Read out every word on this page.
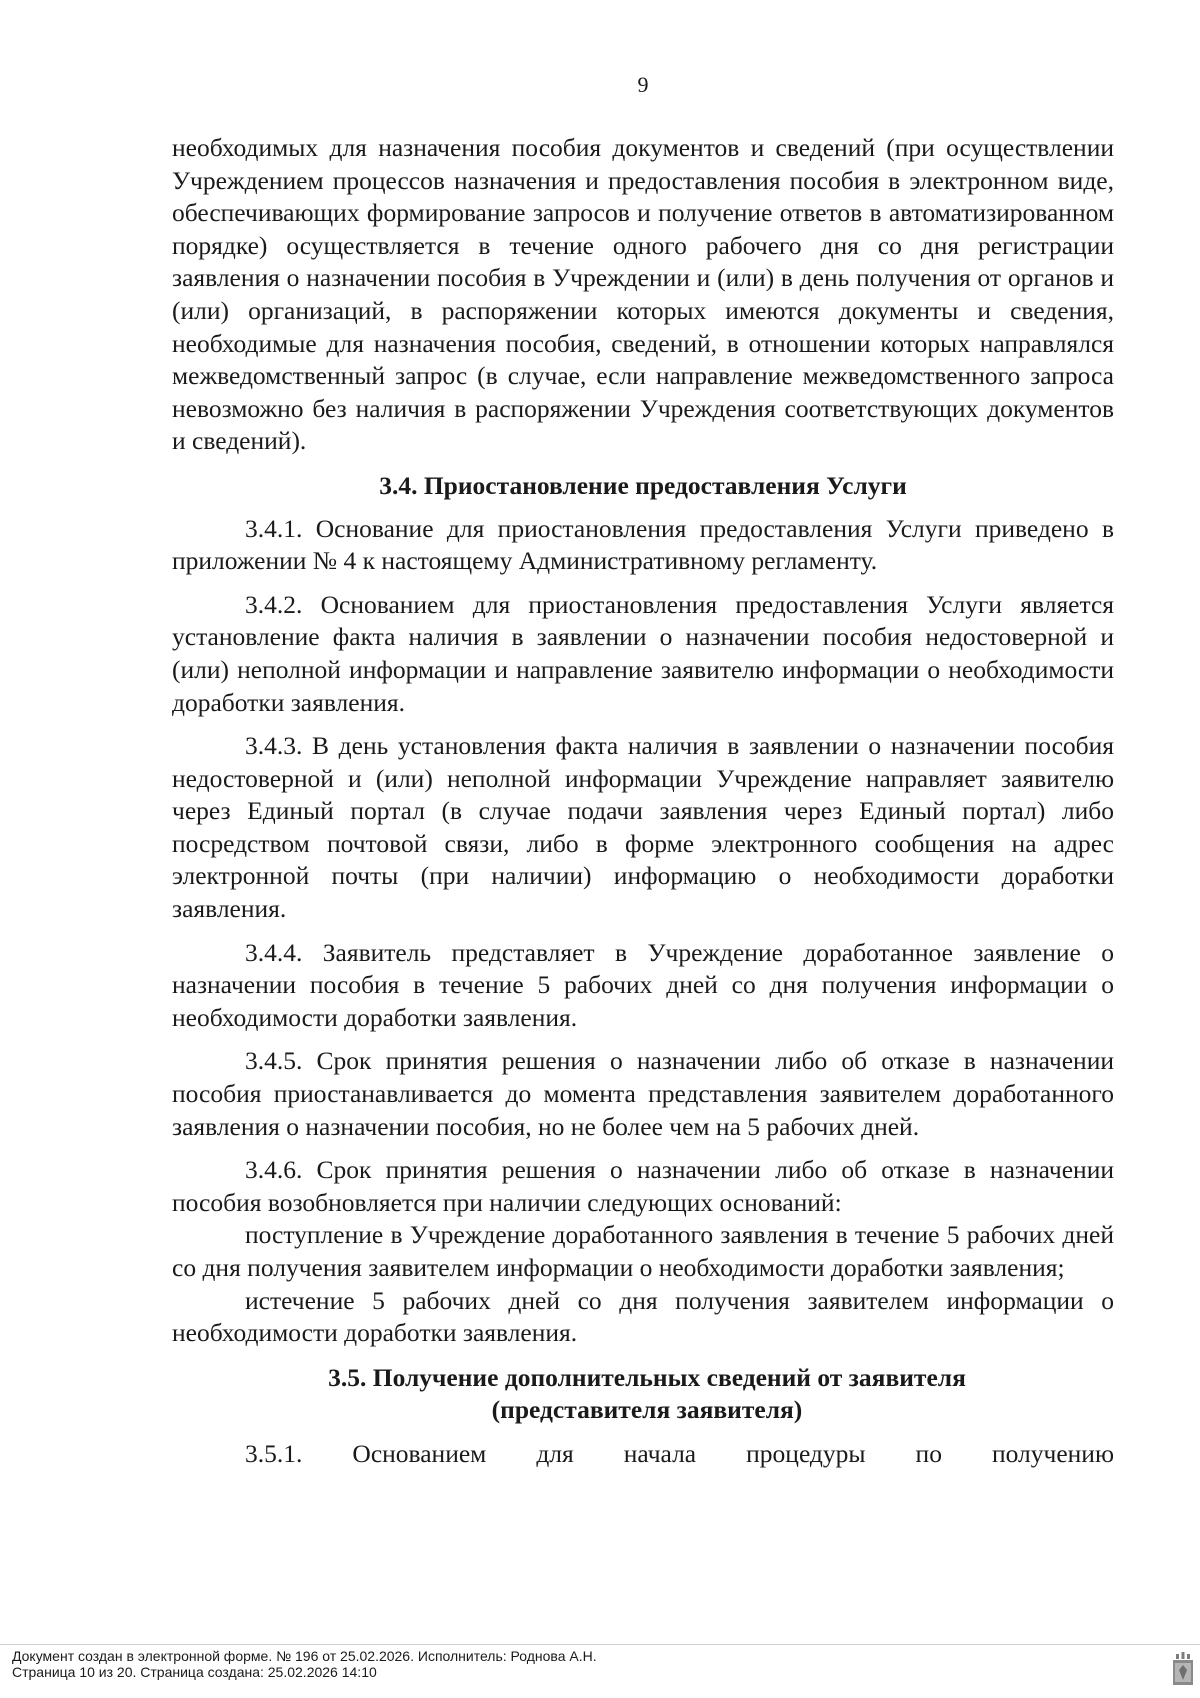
9

необходимых для назначения пособия документов и сведений (при осуществлении Учреждением процессов назначения и предоставления пособия в электронном виде, обеспечивающих формирование запросов и получение ответов в автоматизированном порядке) осуществляется в течение одного рабочего дня со дня регистрации заявления о назначении пособия в Учреждении и (или) в день получения от органов и (или) организаций, в распоряжении которых имеются документы и сведения, необходимые для назначения пособия, сведений, в отношении которых направлялся межведомственный запрос (в случае, если направление межведомственного запроса невозможно без наличия в распоряжении Учреждения соответствующих документов и сведений).

3.4. Приостановление предоставления Услуги

3.4.1. Основание для приостановления предоставления Услуги приведено в приложении № 4 к настоящему Административному регламенту.

3.4.2. Основанием для приостановления предоставления Услуги является установление факта наличия в заявлении о назначении пособия недостоверной и (или) неполной информации и направление заявителю информации о необходимости доработки заявления.

3.4.3. В день установления факта наличия в заявлении о назначении пособия недостоверной и (или) неполной информации Учреждение направляет заявителю через Единый портал (в случае подачи заявления через Единый портал) либо посредством почтовой связи, либо в форме электронного сообщения на адрес электронной почты (при наличии) информацию о необходимости доработки заявления.

3.4.4. Заявитель представляет в Учреждение доработанное заявление о назначении пособия в течение 5 рабочих дней со дня получения информации о необходимости доработки заявления.

3.4.5. Срок принятия решения о назначении либо об отказе в назначении пособия приостанавливается до момента представления заявителем доработанного заявления о назначении пособия, но не более чем на 5 рабочих дней.

3.4.6. Срок принятия решения о назначении либо об отказе в назначении пособия возобновляется при наличии следующих оснований:

поступление в Учреждение доработанного заявления в течение 5 рабочих дней со дня получения заявителем информации о необходимости доработки заявления;

истечение 5 рабочих дней со дня получения заявителем информации о необходимости доработки заявления.

3.5. Получение дополнительных сведений от заявителя
(представителя заявителя)

3.5.1. Основанием для начала процедуры по получению

Документ создан в электронной форме. № 196 от 25.02.2026. Исполнитель: Роднова А.Н.
Страница 10 из 20. Страница создана: 25.02.2026 14:10
